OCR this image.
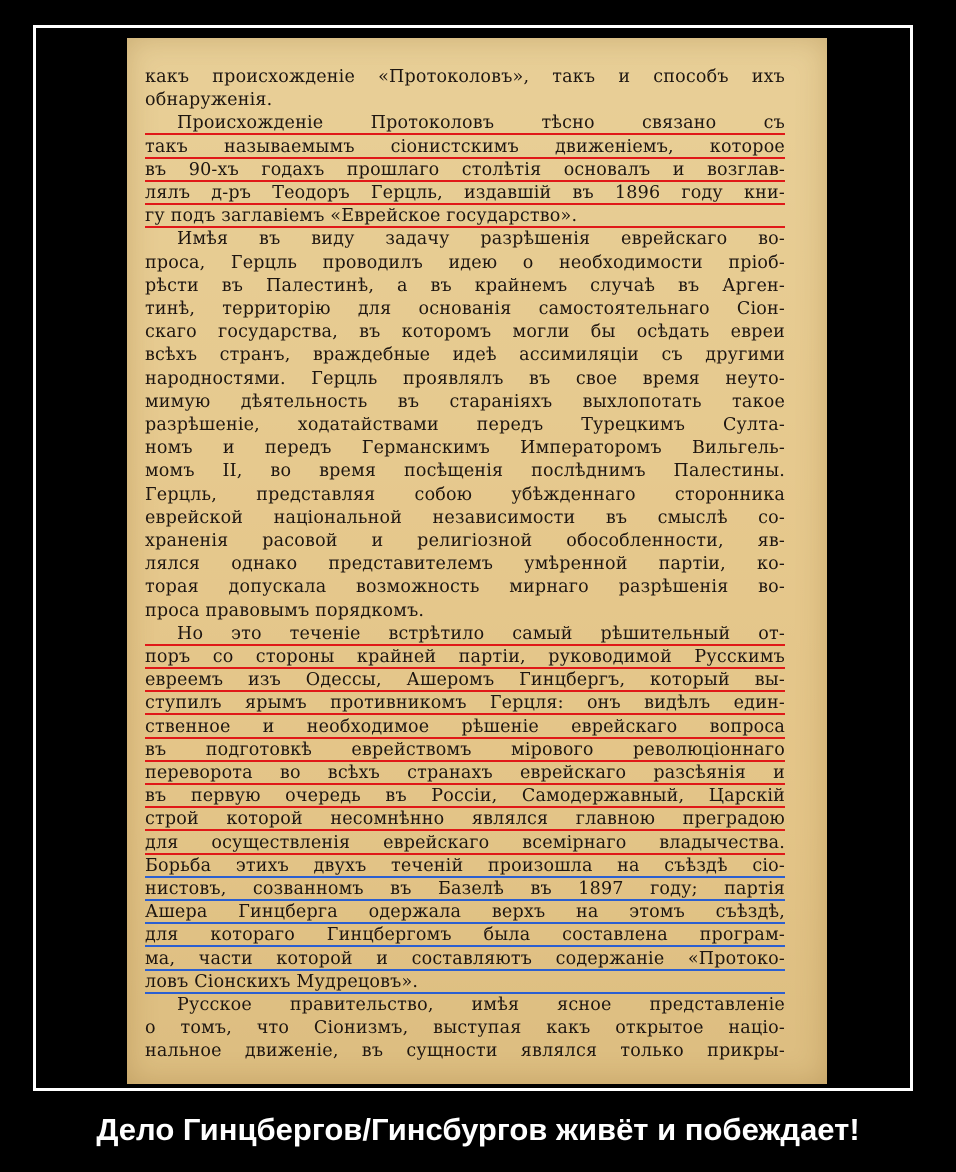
какъ происхожденіе «Протоколовъ», такъ и способъ ихъ
обнаруженія.
Происхожденіе Протоколовъ тѣсно связано съ
такъ называемымъ сіонистскимъ движеніемъ, которое
въ 90-хъ годахъ прошлаго столѣтія основалъ и возглав-
лялъ д-ръ Теодоръ Герцль, издавшій въ 1896 году кни-
гу подъ заглавіемъ «Еврейское государство».
Имѣя въ виду задачу разрѣшенія еврейскаго во-
проса, Герцль проводилъ идею о необходимости пріоб-
рѣсти въ Палестинѣ, а въ крайнемъ случаѣ въ Арген-
тинѣ, территорію для основанія самостоятельнаго Сіон-
скаго государства, въ которомъ могли бы осѣдать евреи
всѣхъ странъ, враждебные идеѣ ассимиляціи съ другими
народностями. Герцль проявлялъ въ свое время неуто-
мимую дѣятельность въ стараніяхъ выхлопотать такое
разрѣшеніе, ходатайствами передъ Турецкимъ Султа-
номъ и передъ Германскимъ Императоромъ Вильгель-
момъ II, во время посѣщенія послѣднимъ Палестины.
Герцль, представляя собою убѣжденнаго сторонника
еврейской національной независимости въ смыслѣ со-
храненія расовой и религіозной обособленности, яв-
лялся однако представителемъ умѣренной партіи, ко-
торая допускала возможность мирнаго разрѣшенія во-
проса правовымъ порядкомъ.
Но это теченіе встрѣтило самый рѣшительный от-
поръ со стороны крайней партіи, руководимой Русскимъ
евреемъ изъ Одессы, Ашеромъ Гинцбергъ, который вы-
ступилъ ярымъ противникомъ Герцля: онъ видѣлъ един-
ственное и необходимое рѣшеніе еврейскаго вопроса
въ подготовкѣ еврействомъ мірового революціоннаго
переворота во всѣхъ странахъ еврейскаго разсѣянія и
въ первую очередь въ Россіи, Самодержавный, Царскій
строй которой несомнѣнно являлся главною преградою
для осуществленія еврейскаго всемірнаго владычества.
Борьба этихъ двухъ теченій произошла на съѣздѣ сіо-
нистовъ, созванномъ въ Базелѣ въ 1897 году; партія
Ашера Гинцберга одержала верхъ на этомъ съѣздѣ,
для котораго Гинцбергомъ была составлена програм-
ма, части которой и составляютъ содержаніе «Протоко-
ловъ Сіонскихъ Мудрецовъ».
Русское правительство, имѣя ясное представленіе
о томъ, что Сіонизмъ, выступая какъ открытое націо-
нальное движеніе, въ сущности являлся только прикры-
Дело Гинцбергов/Гинсбургов живёт и побеждает!
